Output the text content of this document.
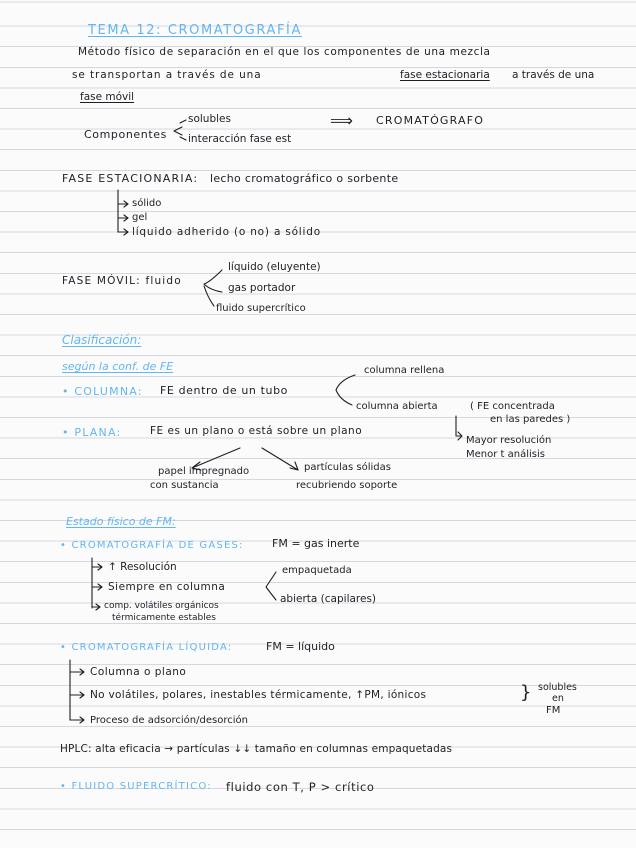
TEMA 12: CROMATOGRAFÍA
Método físico de separación en el que los componentes de una mezcla
se transportan a través de una	fase estacionaria a través de una
fase móvil
Componentes
solubles
interacción fase est
⟹ CROMATÓGRAFO
FASE ESTACIONARIA: lecho cromatográfico o sorbente
sólido
gel
líquido adherido (o no) a sólido
FASE MÓVIL: fluido
líquido (eluyente)
gas portador
fluido supercrítico
Clasificación:
según la conf. de FE
• COLUMNA: FE dentro de un tubo
columna rellena
columna abierta	( FE concentrada
en las paredes )
Mayor resolución
Menor t análisis
• PLANA:	FE es un plano o está sobre un plano
papel impregnado
con sustancia
partículas sólidas
recubriendo soporte
Estado físico de FM:
• CROMATOGRAFÍA DE GASES:	FM = gas inerte
↑ Resolución
Siempre en columna
empaquetada
abierta (capilares)
comp. volátiles orgánicos
térmicamente estables
• CROMATOGRAFÍA LÍQUIDA:	FM = líquido
Columna o plano
No volátiles, polares, inestables térmicamente, ↑PM, iónicos	} solubles
en
FM
Proceso de adsorción/desorción
HPLC: alta eficacia → partículas ↓↓ tamaño en columnas empaquetadas
• FLUIDO SUPERCRÍTICO: fluido con T, P > crítico
